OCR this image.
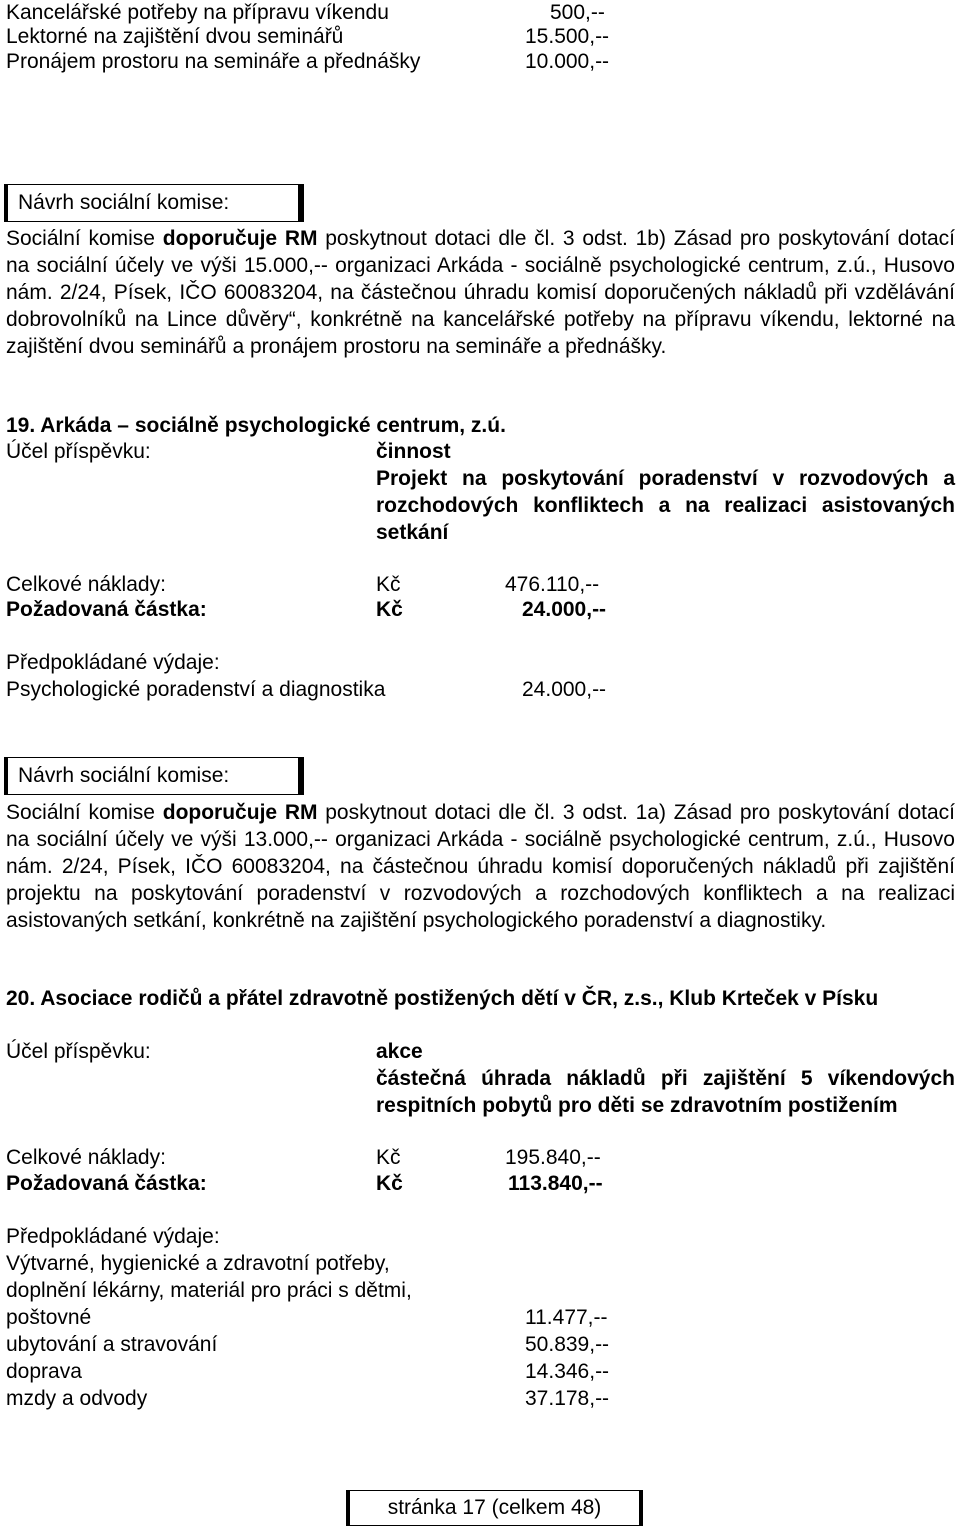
Kancelářské potřeby na přípravu víkendu	500,--
Lektorné na zajištění dvou seminářů	15.500,--
Pronájem prostoru na semináře a přednášky	10.000,--
Návrh sociální komise:
Sociální komise doporučuje RM poskytnout dotaci dle čl. 3 odst. 1b) Zásad pro poskytování dotací na sociální účely ve výši 15.000,-- organizaci Arkáda - sociálně psychologické centrum, z.ú., Husovo nám. 2/24, Písek, IČO 60083204, na částečnou úhradu komisí doporučených nákladů při vzdělávání dobrovolníků na Lince důvěry“, konkrétně na kancelářské potřeby na přípravu víkendu, lektorné na zajištění dvou seminářů a pronájem prostoru na semináře a přednášky.
19. Arkáda – sociálně psychologické centrum, z.ú.
Účel příspěvku:	činnost
Projekt na poskytování poradenství v rozvodových a rozchodových konfliktech a na realizaci asistovaných setkání
Celkové náklady:	Kč	476.110,--
Požadovaná částka:	Kč	24.000,--
Předpokládané výdaje:
Psychologické poradenství a diagnostika	24.000,--
Návrh sociální komise:
Sociální komise doporučuje RM poskytnout dotaci dle čl. 3 odst. 1a) Zásad pro poskytování dotací na sociální účely ve výši 13.000,-- organizaci Arkáda - sociálně psychologické centrum, z.ú., Husovo nám. 2/24, Písek, IČO 60083204, na částečnou úhradu komisí doporučených nákladů při zajištění projektu na poskytování poradenství v rozvodových a rozchodových konfliktech a na realizaci asistovaných setkání, konkrétně na zajištění psychologického poradenství a diagnostiky.
20. Asociace rodičů a přátel zdravotně postižených dětí v ČR, z.s., Klub Krteček v Písku
Účel příspěvku:	akce
částečná úhrada nákladů při zajištění 5 víkendových respitních pobytů pro děti se zdravotním postižením
Celkové náklady:	Kč	195.840,--
Požadovaná částka:	Kč	113.840,--
Předpokládané výdaje:
Výtvarné, hygienické a zdravotní potřeby,
doplnění lékárny, materiál pro práci s dětmi,
poštovné	11.477,--
ubytování a stravování	50.839,--
doprava	14.346,--
mzdy a odvody	37.178,--
stránka 17 (celkem 48)
